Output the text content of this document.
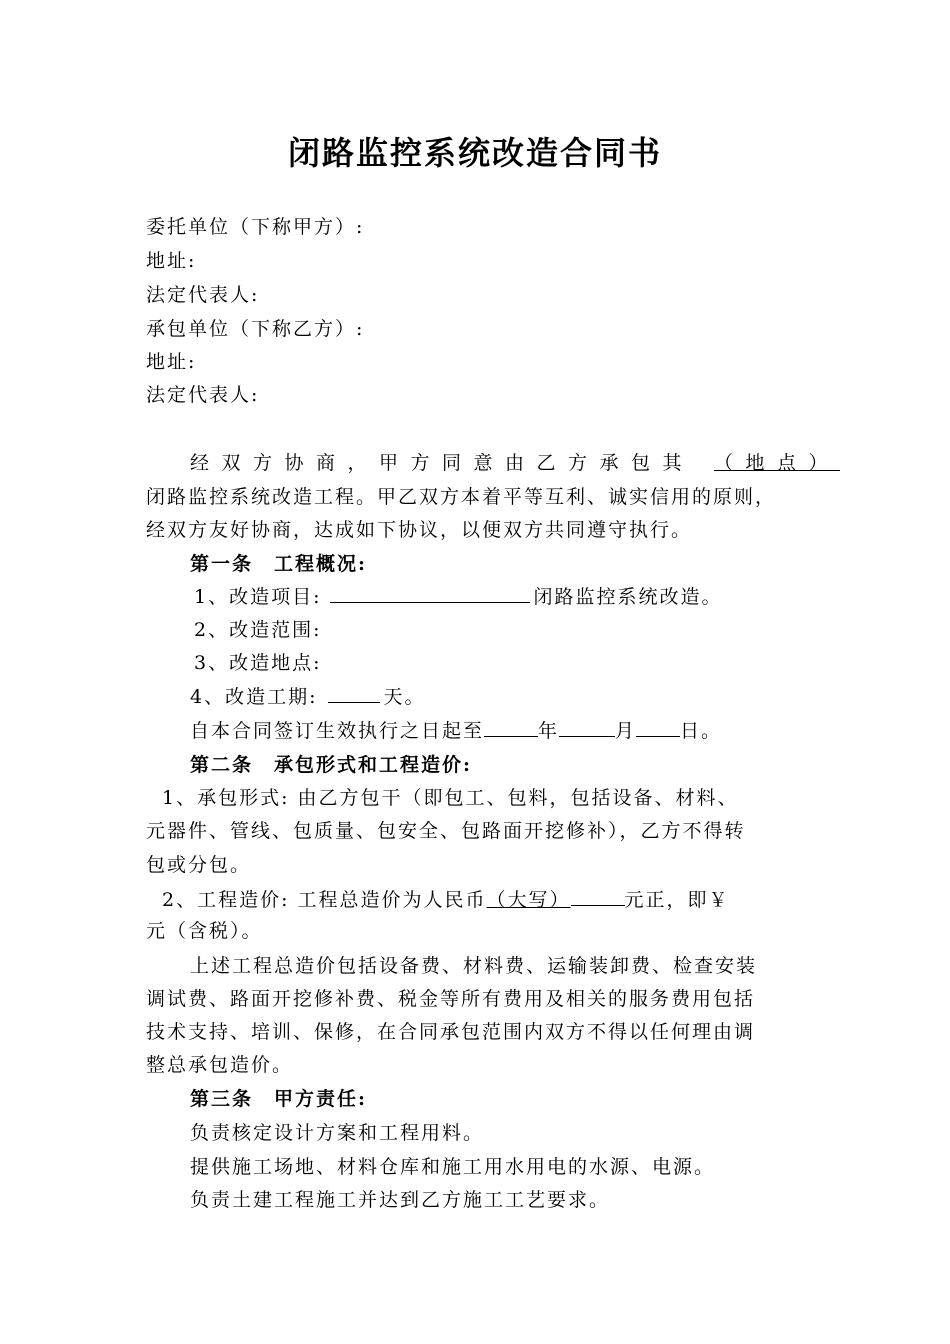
闭路监控系统改造合同书
委托单位（下称甲方）:
地址:
法定代表人:
承包单位（下称乙方）:
地址:
法定代表人:
经双方协商，甲方同意由乙方承包其 （地点）
闭路监控系统改造工程。甲乙双方本着平等互利、诚实信用的原则，
经双方友好协商，达成如下协议，以便双方共同遵守执行。
第一条　工程概况:
1、改造项目:	闭路监控系统改造。
2、改造范围:
3、改造地点:
4、改造工期:	天。
自本合同签订生效执行之日起至	年	月 日。
第二条　承包形式和工程造价:
1、承包形式: 由乙方包干（即包工、包料，包括设备、材料、
元器件、管线、包质量、包安全、包路面开挖修补），乙方不得转
包或分包。
2、工程造价: 工程总造价为人民币（大写）	元正，即￥
元（含税）。
上述工程总造价包括设备费、材料费、运输装卸费、检查安装
调试费、路面开挖修补费、税金等所有费用及相关的服务费用包括
技术支持、培训、保修，在合同承包范围内双方不得以任何理由调
整总承包造价。
第三条　甲方责任:
负责核定设计方案和工程用料。
提供施工场地、材料仓库和施工用水用电的水源、电源。
负责土建工程施工并达到乙方施工工艺要求。
